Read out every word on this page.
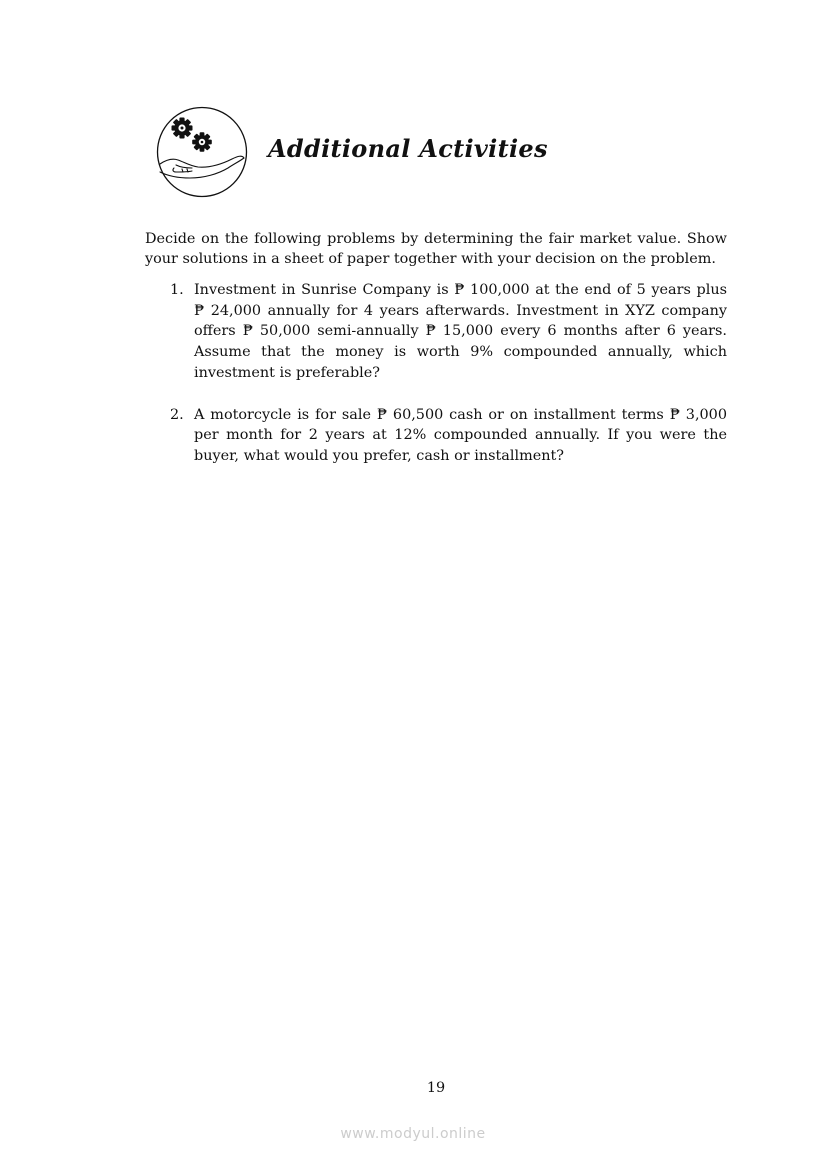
Additional Activities

Decide on the following problems by determining the fair market value. Show your solutions in a sheet of paper together with your decision on the problem.

1. Investment in Sunrise Company is ₱ 100,000 at the end of 5 years plus ₱ 24,000 annually for 4 years afterwards. Investment in XYZ company offers ₱ 50,000 semi-annually ₱ 15,000 every 6 months after 6 years. Assume that the money is worth 9% compounded annually, which investment is preferable?
2. A motorcycle is for sale ₱ 60,500 cash or on installment terms ₱ 3,000 per month for 2 years at 12% compounded annually. If you were the buyer, what would you prefer, cash or installment?
19
www.modyul.online
